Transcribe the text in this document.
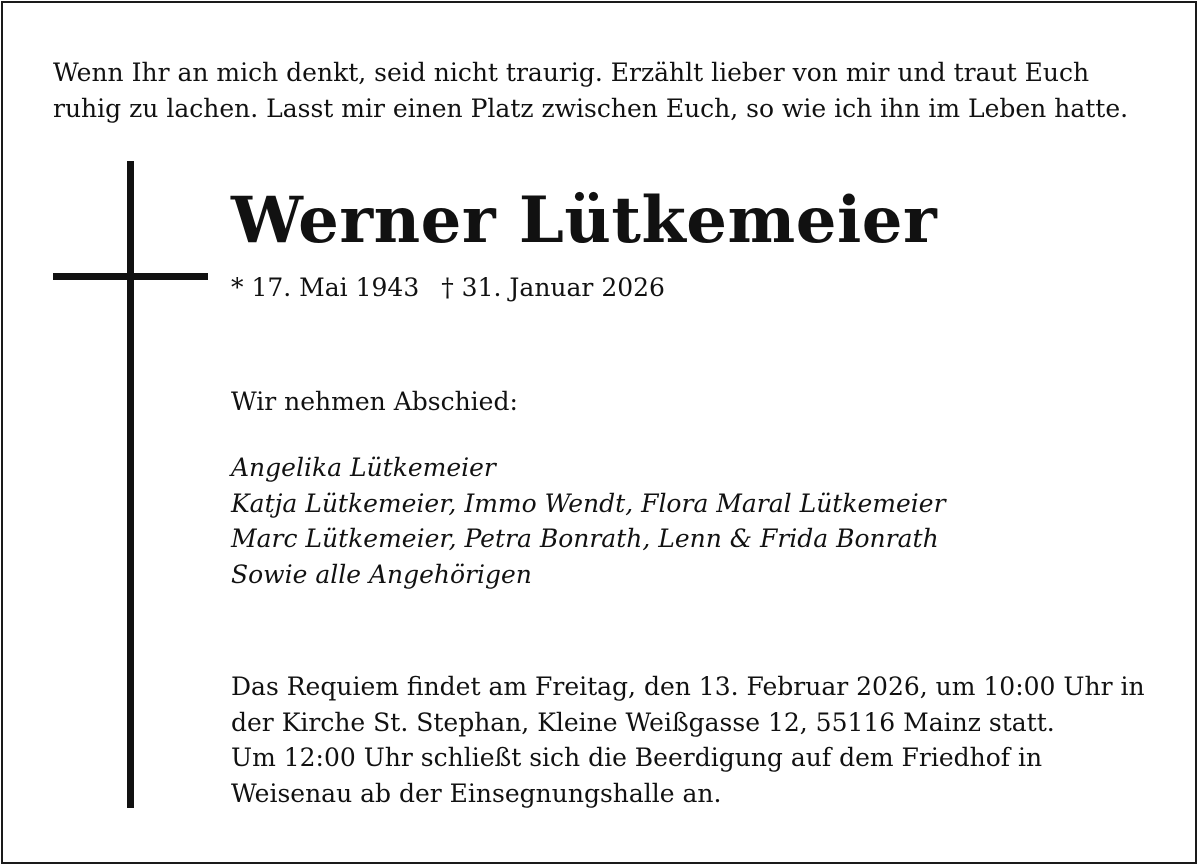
Wenn Ihr an mich denkt, seid nicht traurig. Erzählt lieber von mir und traut Euch
ruhig zu lachen. Lasst mir einen Platz zwischen Euch, so wie ich ihn im Leben hatte.

Werner Lütkemeier
* 17. Mai 1943 † 31. Januar 2026
Wir nehmen Abschied:
Angelika Lütkemeier
Katja Lütkemeier, Immo Wendt, Flora Maral Lütkemeier
Marc Lütkemeier, Petra Bonrath, Lenn & Frida Bonrath
Sowie alle Angehörigen

Das Requiem findet am Freitag, den 13. Februar 2026, um 10:00 Uhr in
der Kirche St. Stephan, Kleine Weißgasse 12, 55116 Mainz statt.
Um 12:00 Uhr schließt sich die Beerdigung auf dem Friedhof in
Weisenau ab der Einsegnungshalle an.
